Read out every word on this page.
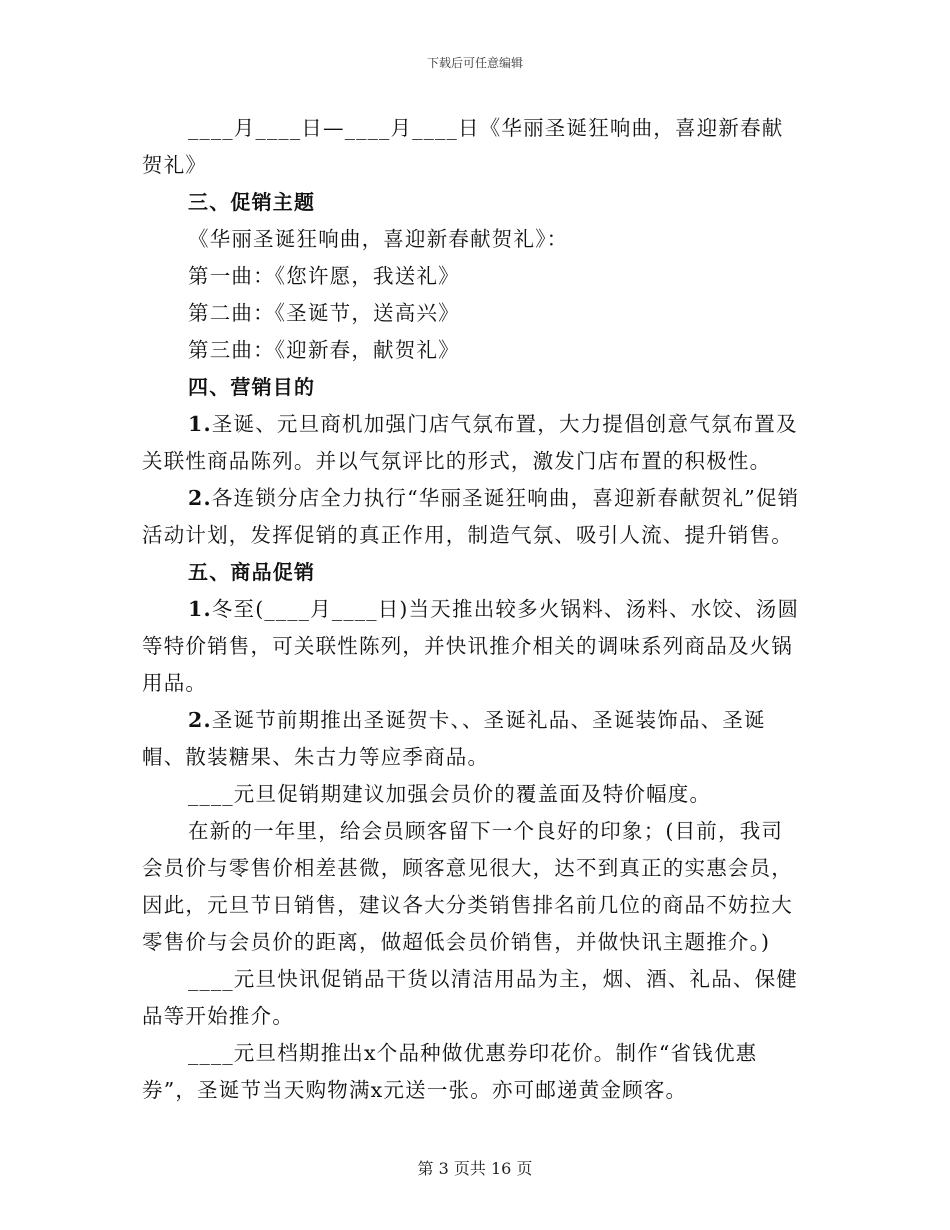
下载后可任意编辑

____月____日—____月____日《华丽圣诞狂响曲，喜迎新春献贺礼》

三、促销主题

《华丽圣诞狂响曲，喜迎新春献贺礼》：

第一曲：《您许愿，我送礼》

第二曲：《圣诞节，送高兴》

第三曲：《迎新春，献贺礼》

四、营销目的

1.圣诞、元旦商机加强门店气氛布置，大力提倡创意气氛布置及关联性商品陈列。并以气氛评比的形式，激发门店布置的积极性。

2.各连锁分店全力执行“华丽圣诞狂响曲，喜迎新春献贺礼”促销活动计划，发挥促销的真正作用，制造气氛、吸引人流、提升销售。

五、商品促销

1.冬至(____月____日)当天推出较多火锅料、汤料、水饺、汤圆等特价销售，可关联性陈列，并快讯推介相关的调味系列商品及火锅用品。

2.圣诞节前期推出圣诞贺卡、、圣诞礼品、圣诞装饰品、圣诞帽、散装糖果、朱古力等应季商品。

____元旦促销期建议加强会员价的覆盖面及特价幅度。

在新的一年里，给会员顾客留下一个良好的印象；(目前，我司会员价与零售价相差甚微，顾客意见很大，达不到真正的实惠会员，因此，元旦节日销售，建议各大分类销售排名前几位的商品不妨拉大零售价与会员价的距离，做超低会员价销售，并做快讯主题推介。)

____元旦快讯促销品干货以清洁用品为主，烟、酒、礼品、保健品等开始推介。

____元旦档期推出x个品种做优惠券印花价。制作“省钱优惠券”，圣诞节当天购物满x元送一张。亦可邮递黄金顾客。

第 3 页共 16 页
